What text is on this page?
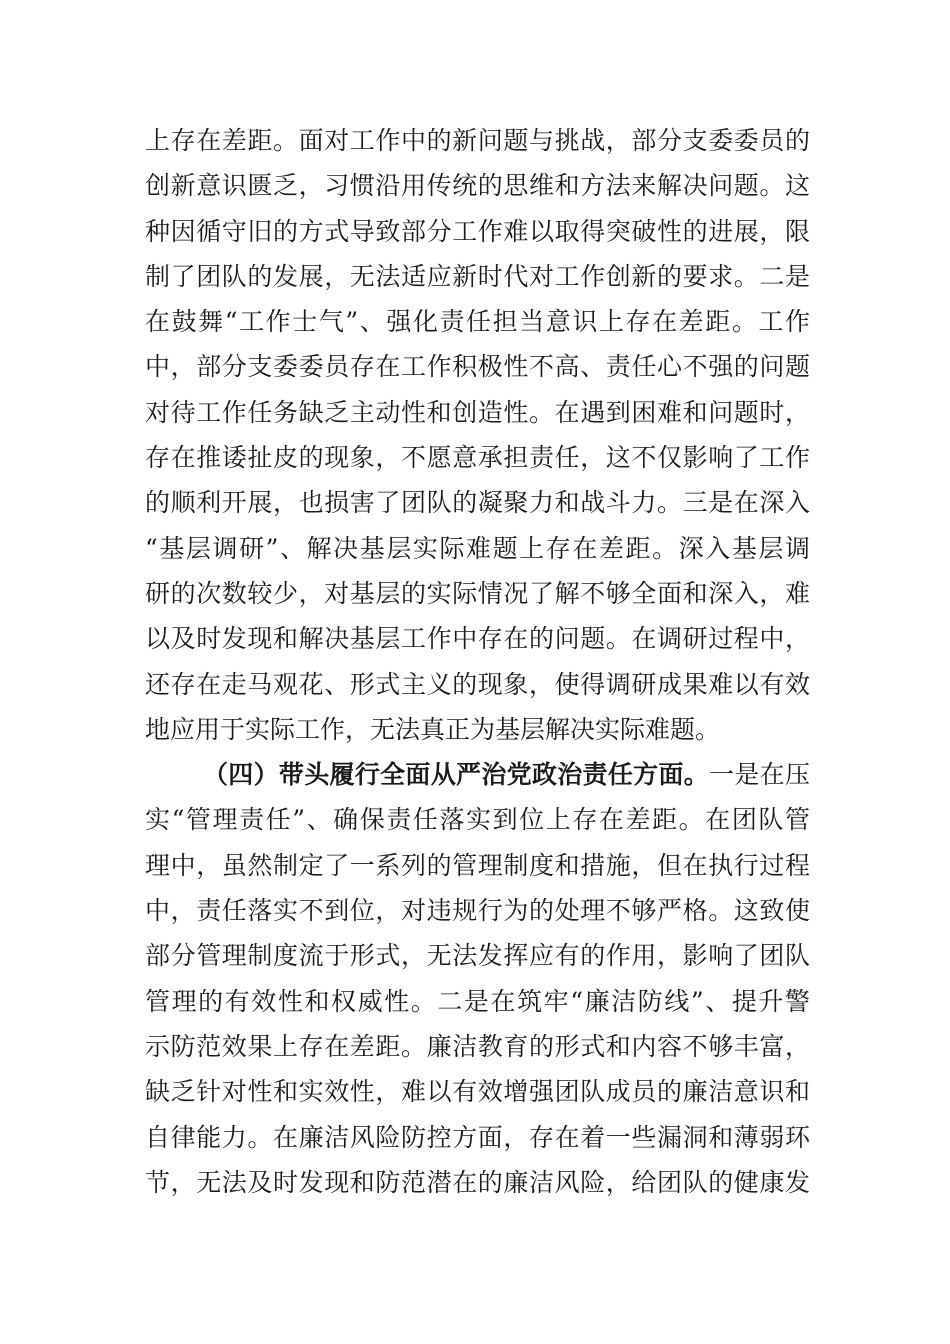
上存在差距。面对工作中的新问题与挑战，部分支委委员的
创新意识匮乏，习惯沿用传统的思维和方法来解决问题。这
种因循守旧的方式导致部分工作难以取得突破性的进展，限
制了团队的发展，无法适应新时代对工作创新的要求。二是
在鼓舞“工作士气”、强化责任担当意识上存在差距。工作
中，部分支委委员存在工作积极性不高、责任心不强的问题
对待工作任务缺乏主动性和创造性。在遇到困难和问题时，
存在推诿扯皮的现象，不愿意承担责任，这不仅影响了工作
的顺利开展，也损害了团队的凝聚力和战斗力。三是在深入
“基层调研”、解决基层实际难题上存在差距。深入基层调
研的次数较少，对基层的实际情况了解不够全面和深入，难
以及时发现和解决基层工作中存在的问题。在调研过程中，
还存在走马观花、形式主义的现象，使得调研成果难以有效
地应用于实际工作，无法真正为基层解决实际难题。
（四）带头履行全面从严治党政治责任方面。一是在压
实“管理责任”、确保责任落实到位上存在差距。在团队管
理中，虽然制定了一系列的管理制度和措施，但在执行过程
中，责任落实不到位，对违规行为的处理不够严格。这致使
部分管理制度流于形式，无法发挥应有的作用，影响了团队
管理的有效性和权威性。二是在筑牢“廉洁防线”、提升警
示防范效果上存在差距。廉洁教育的形式和内容不够丰富，
缺乏针对性和实效性，难以有效增强团队成员的廉洁意识和
自律能力。在廉洁风险防控方面，存在着一些漏洞和薄弱环
节，无法及时发现和防范潜在的廉洁风险，给团队的健康发
